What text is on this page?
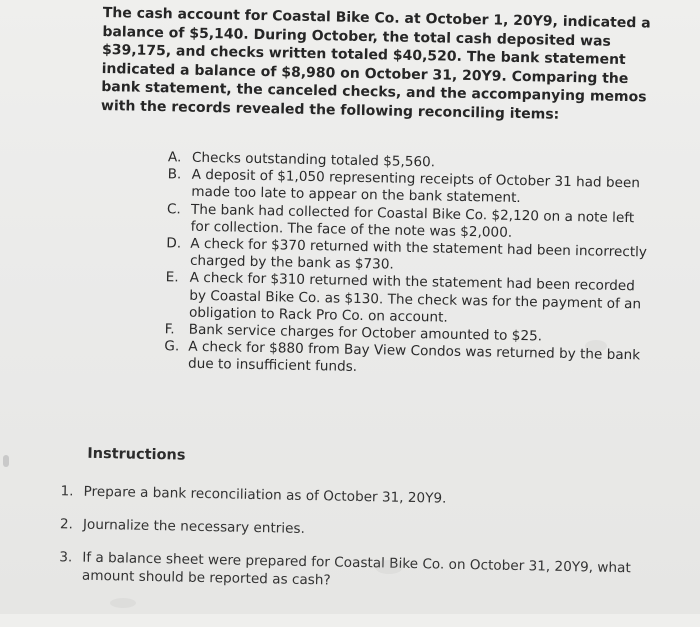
The cash account for Coastal Bike Co. at October 1, 20Y9, indicated a balance of $5,140. During October, the total cash deposited was $39,175, and checks written totaled $40,520. The bank statement indicated a balance of $8,980 on October 31, 20Y9. Comparing the bank statement, the canceled checks, and the accompanying memos with the records revealed the following reconciling items:

A. Checks outstanding totaled $5,560.
B. A deposit of $1,050 representing receipts of October 31 had been made too late to appear on the bank statement.
C. The bank had collected for Coastal Bike Co. $2,120 on a note left for collection. The face of the note was $2,000.
D. A check for $370 returned with the statement had been incorrectly charged by the bank as $730.
E. A check for $310 returned with the statement had been recorded by Coastal Bike Co. as $130. The check was for the payment of an obligation to Rack Pro Co. on account.
F.	Bank service charges for October amounted to $25.
G. A check for $880 from Bay View Condos was returned by the bank due to insufficient funds.
Instructions
1. Prepare a bank reconciliation as of October 31, 20Y9.
2. Journalize the necessary entries.
3. If a balance sheet were prepared for Coastal Bike Co. on October 31, 20Y9, what amount should be reported as cash?
